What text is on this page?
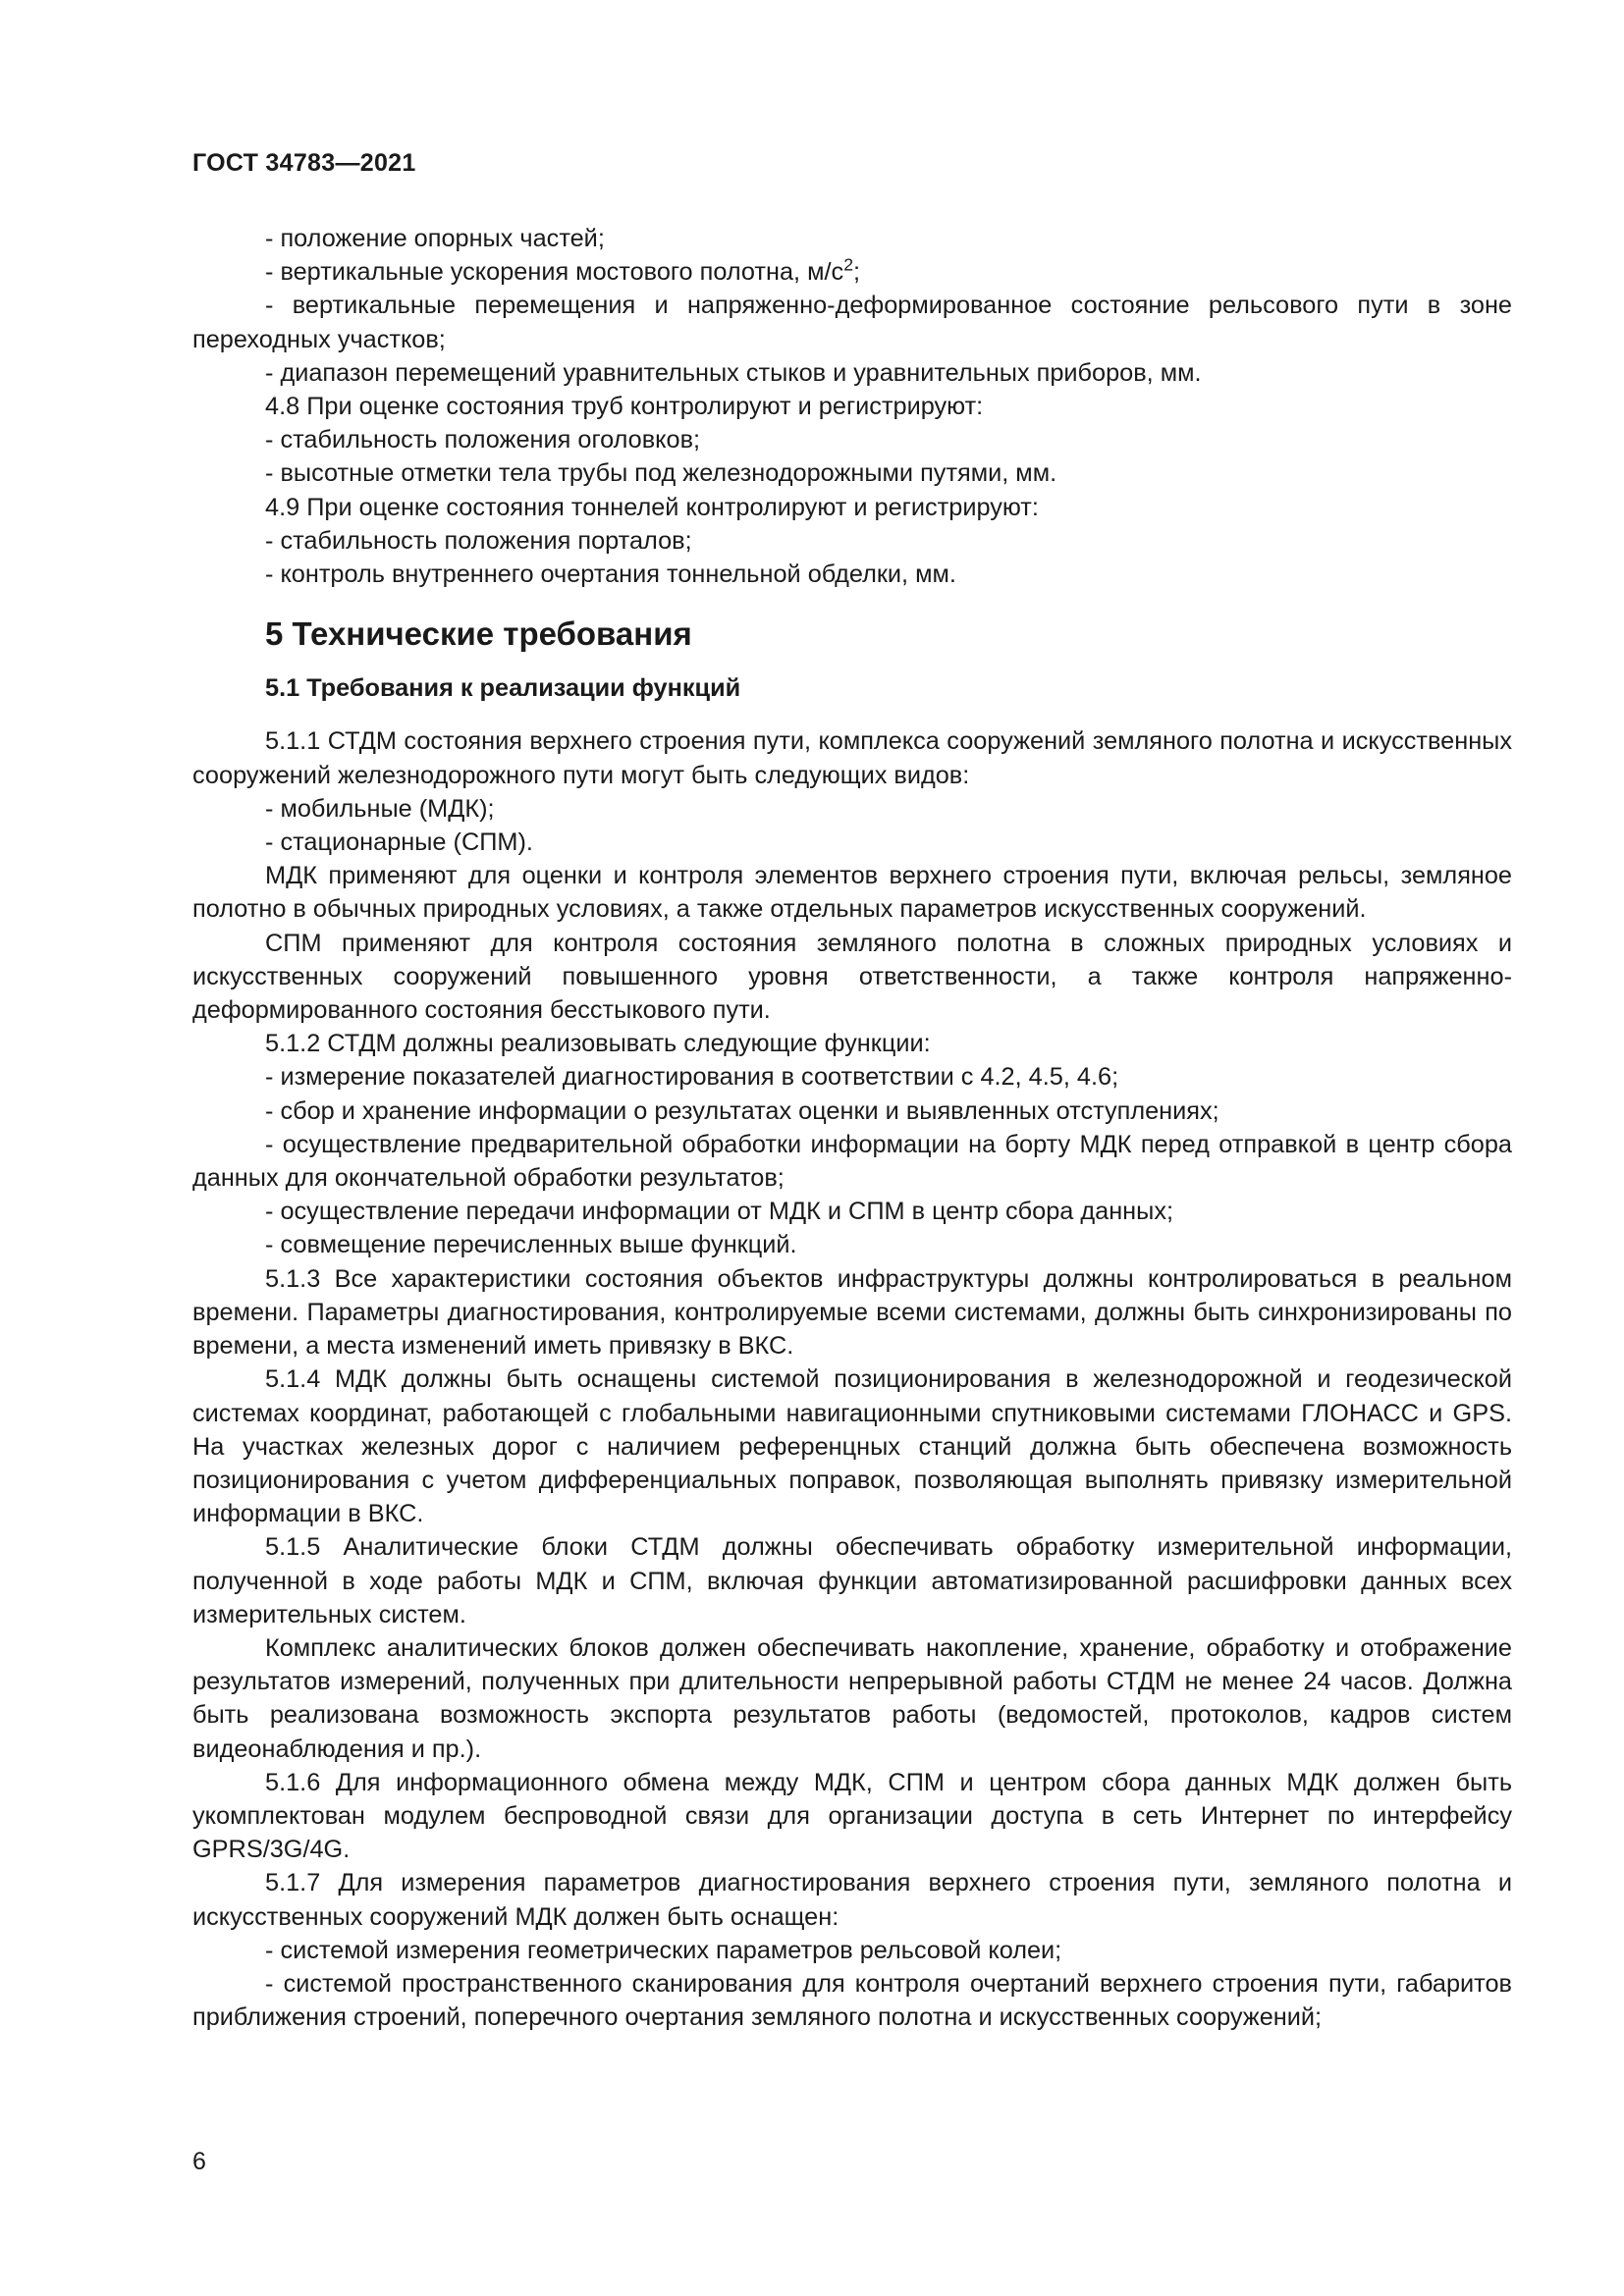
ГОСТ 34783—2021

- положение опорных частей;

- вертикальные ускорения мостового полотна, $м/с^2$;

- вертикальные перемещения и напряженно-деформированное состояние рельсового пути в зоне переходных участков;

- диапазон перемещений уравнительных стыков и уравнительных приборов, мм.

4.8 При оценке состояния труб контролируют и регистрируют:

- стабильность положения оголовков;

- высотные отметки тела трубы под железнодорожными путями, мм.

4.9 При оценке состояния тоннелей контролируют и регистрируют:

- стабильность положения порталов;

- контроль внутреннего очертания тоннельной обделки, мм.

5 Технические требования
5.1 Требования к реализации функций

5.1.1 СТДМ состояния верхнего строения пути, комплекса сооружений земляного полотна и искусственных сооружений железнодорожного пути могут быть следующих видов:

- мобильные (МДК);

- стационарные (СПМ).

МДК применяют для оценки и контроля элементов верхнего строения пути, включая рельсы, земляное полотно в обычных природных условиях, а также отдельных параметров искусственных сооружений.

СПМ применяют для контроля состояния земляного полотна в сложных природных условиях и искусственных сооружений повышенного уровня ответственности, а также контроля напряженно-деформированного состояния бесстыкового пути.

5.1.2 СТДМ должны реализовывать следующие функции:

- измерение показателей диагностирования в соответствии с 4.2, 4.5, 4.6;

- сбор и хранение информации о результатах оценки и выявленных отступлениях;

- осуществление предварительной обработки информации на борту МДК перед отправкой в центр сбора данных для окончательной обработки результатов;

- осуществление передачи информации от МДК и СПМ в центр сбора данных;

- совмещение перечисленных выше функций.

5.1.3 Все характеристики состояния объектов инфраструктуры должны контролироваться в реальном времени. Параметры диагностирования, контролируемые всеми системами, должны быть синхронизированы по времени, а места изменений иметь привязку в ВКС.

5.1.4 МДК должны быть оснащены системой позиционирования в железнодорожной и геодезической системах координат, работающей с глобальными навигационными спутниковыми системами ГЛОНАСС и GPS. На участках железных дорог с наличием референцных станций должна быть обеспечена возможность позиционирования с учетом дифференциальных поправок, позволяющая выполнять привязку измерительной информации в ВКС.

5.1.5 Аналитические блоки СТДМ должны обеспечивать обработку измерительной информации, полученной в ходе работы МДК и СПМ, включая функции автоматизированной расшифровки данных всех измерительных систем.

Комплекс аналитических блоков должен обеспечивать накопление, хранение, обработку и отображение результатов измерений, полученных при длительности непрерывной работы СТДМ не менее 24 часов. Должна быть реализована возможность экспорта результатов работы (ведомостей, протоколов, кадров систем видеонаблюдения и пр.).

5.1.6 Для информационного обмена между МДК, СПМ и центром сбора данных МДК должен быть укомплектован модулем беспроводной связи для организации доступа в сеть Интернет по интерфейсу GPRS/3G/4G.

5.1.7 Для измерения параметров диагностирования верхнего строения пути, земляного полотна и искусственных сооружений МДК должен быть оснащен:

- системой измерения геометрических параметров рельсовой колеи;

- системой пространственного сканирования для контроля очертаний верхнего строения пути, габаритов приближения строений, поперечного очертания земляного полотна и искусственных сооружений;

6
